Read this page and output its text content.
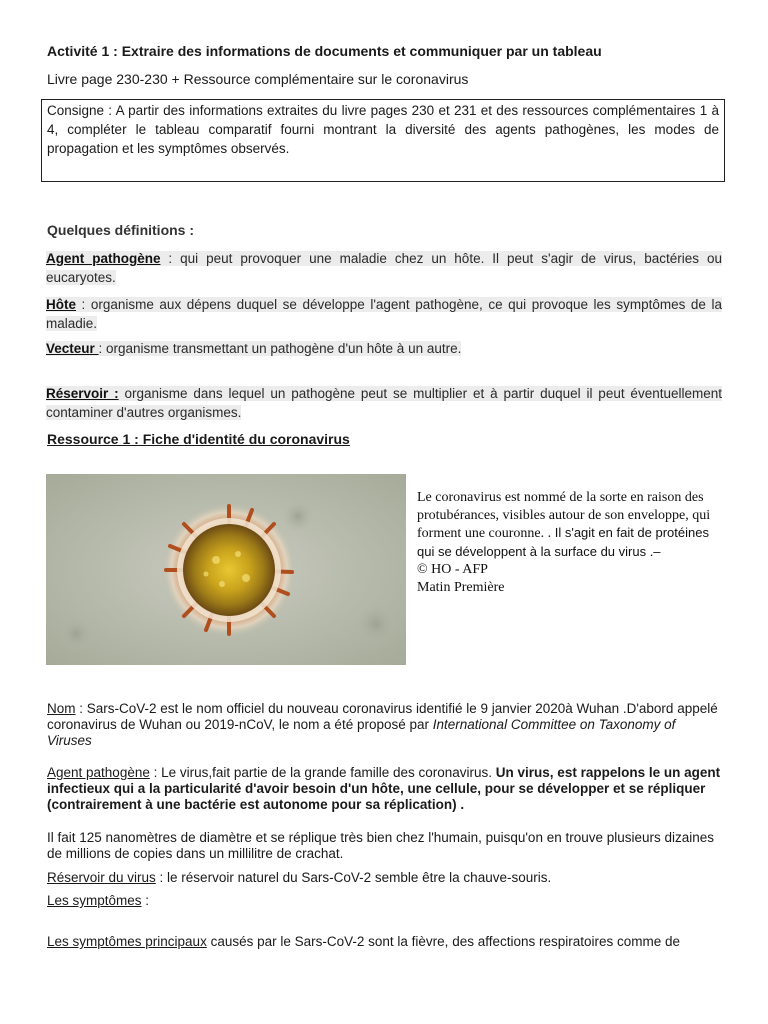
Activité 1 : Extraire des informations de documents et communiquer par un tableau
Livre page 230-230 + Ressource complémentaire sur le coronavirus
Consigne : A partir des informations extraites du livre pages 230 et 231 et des ressources complémentaires 1 à 4, compléter le tableau comparatif fourni montrant la diversité des agents pathogènes, les modes de propagation et les symptômes observés.
Quelques définitions :
Agent pathogène : qui peut provoquer une maladie chez un hôte. Il peut s'agir de virus, bactéries ou eucaryotes.
Hôte : organisme aux dépens duquel se développe l'agent pathogène, ce qui provoque les symptômes de la maladie.
Vecteur : organisme transmettant un pathogène d'un hôte à un autre.
Réservoir : organisme dans lequel un pathogène peut se multiplier et à partir duquel il peut éventuellement contaminer d'autres organismes.
Ressource 1 : Fiche d'identité du coronavirus
Le coronavirus est nommé de la sorte en raison des protubérances, visibles autour de son enveloppe, qui forment une couronne. . Il s'agit en fait de protéines qui se développent à la surface du virus .–
© HO - AFP
Matin Première
Nom : Sars-CoV-2 est le nom officiel du nouveau coronavirus identifié le 9 janvier 2020à Wuhan .D'abord appelé coronavirus de Wuhan ou 2019-nCoV, le nom a été proposé par International Committee on Taxonomy of Viruses
Agent pathogène : Le virus,fait partie de la grande famille des coronavirus. Un virus, est rappelons le un agent infectieux qui a la particularité d'avoir besoin d'un hôte, une cellule, pour se développer et se répliquer (contrairement à une bactérie est autonome pour sa réplication) .
Il fait 125 nanomètres de diamètre et se réplique très bien chez l'humain, puisqu'on en trouve plusieurs dizaines de millions de copies dans un millilitre de crachat.
Réservoir du virus : le réservoir naturel du Sars-CoV-2 semble être la chauve-souris.
Les symptômes :
Les symptômes principaux causés par le Sars-CoV-2 sont la fièvre, des affections respiratoires comme de
